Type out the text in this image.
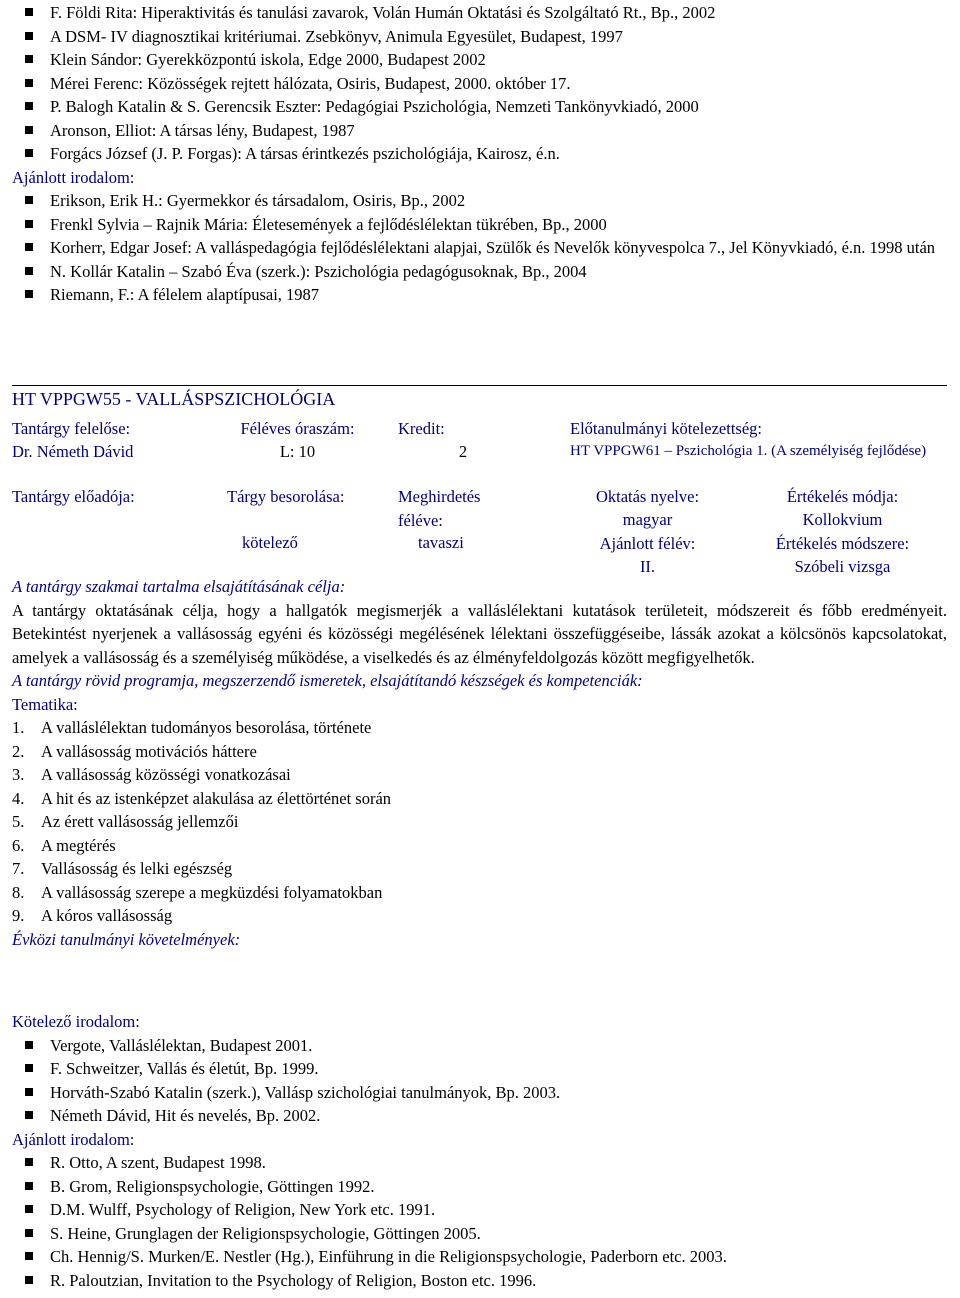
F. Földi Rita: Hiperaktivitás és tanulási zavarok, Volán Humán Oktatási és Szolgáltató Rt., Bp., 2002
A DSM- IV diagnosztikai kritériumai. Zsebkönyv, Animula Egyesület, Budapest, 1997
Klein Sándor: Gyerekközpontú iskola, Edge 2000, Budapest 2002
Mérei Ferenc: Közösségek rejtett hálózata, Osiris, Budapest, 2000. október 17.
P. Balogh Katalin & S. Gerencsik Eszter: Pedagógiai Pszichológia, Nemzeti Tankönyvkiadó, 2000
Aronson, Elliot: A társas lény, Budapest, 1987
Forgács József (J. P. Forgas): A társas érintkezés pszichológiája, Kairosz, é.n.
Ajánlott irodalom:
Erikson, Erik H.: Gyermekkor és társadalom, Osiris, Bp., 2002
Frenkl Sylvia – Rajnik Mária: Életesemények a fejlődéslélektan tükrében, Bp., 2000
Korherr, Edgar Josef: A valláspedagógia fejlődéslélektani alapjai, Szülők és Nevelők könyvespolca 7., Jel Könyvkiadó, é.n. 1998 után
N. Kollár Katalin – Szabó Éva (szerk.): Pszichológia pedagógusoknak, Bp., 2004
Riemann, F.: A félelem alaptípusai, 1987
HT VPPGW55 - VALLÁSPSZICHOLÓGIA
Tantárgy felelőse:
Dr. Németh Dávid
Féléves óraszám:
L: 10
Kredit:
2
Előtanulmányi kötelezettség:
HT VPPGW61 – Pszichológia 1. (A személyiség fejlődése)
Tantárgy előadója:	Tárgy besorolása:
kötelező
Meghirdetés féléve:
tavaszi
Oktatás nyelve:
magyar
Értékelés módja:
Kollokvium
Ajánlott félév:
II.
Értékelés módszere:
Szóbeli vizsga
A tantárgy szakmai tartalma elsajátításának célja:
A tantárgy oktatásának célja, hogy a hallgatók megismerjék a valláslélektani kutatások területeit, módszereit és főbb eredményeit. Betekintést nyerjenek a vallásosság egyéni és közösségi megélésének lélektani összefüggéseibe, lássák azokat a kölcsönös kapcsolatokat, amelyek a vallásosság és a személyiség működése, a viselkedés és az élményfeldolgozás között megfigyelhetők.
A tantárgy rövid programja, megszerzendő ismeretek, elsajátítandó készségek és kompetenciák:
Tematika:
1. A valláslélektan tudományos besorolása, története
2. A vallásosság motivációs háttere
3. A vallásosság közösségi vonatkozásai
4. A hit és az istenképzet alakulása az élettörténet során
5. Az érett vallásosság jellemzői
6. A megtérés
7. Vallásosság és lelki egészség
8. A vallásosság szerepe a megküzdési folyamatokban
9. A kóros vallásosság
Évközi tanulmányi követelmények:
Kötelező irodalom:
Vergote, Valláslélektan, Budapest 2001.
F. Schweitzer, Vallás és életút, Bp. 1999.
Horváth-Szabó Katalin (szerk.), Vallásp szichológiai tanulmányok, Bp. 2003.
Németh Dávid, Hit és nevelés, Bp. 2002.
Ajánlott irodalom:
R. Otto, A szent, Budapest 1998.
B. Grom, Religionspsychologie, Göttingen 1992.
D.M. Wulff, Psychology of Religion, New York etc. 1991.
S. Heine, Grunglagen der Religionspsychologie, Göttingen 2005.
Ch. Hennig/S. Murken/E. Nestler (Hg.), Einführung in die Religionspsychologie, Paderborn etc. 2003.
R. Paloutzian, Invitation to the Psychology of Religion, Boston etc. 1996.
